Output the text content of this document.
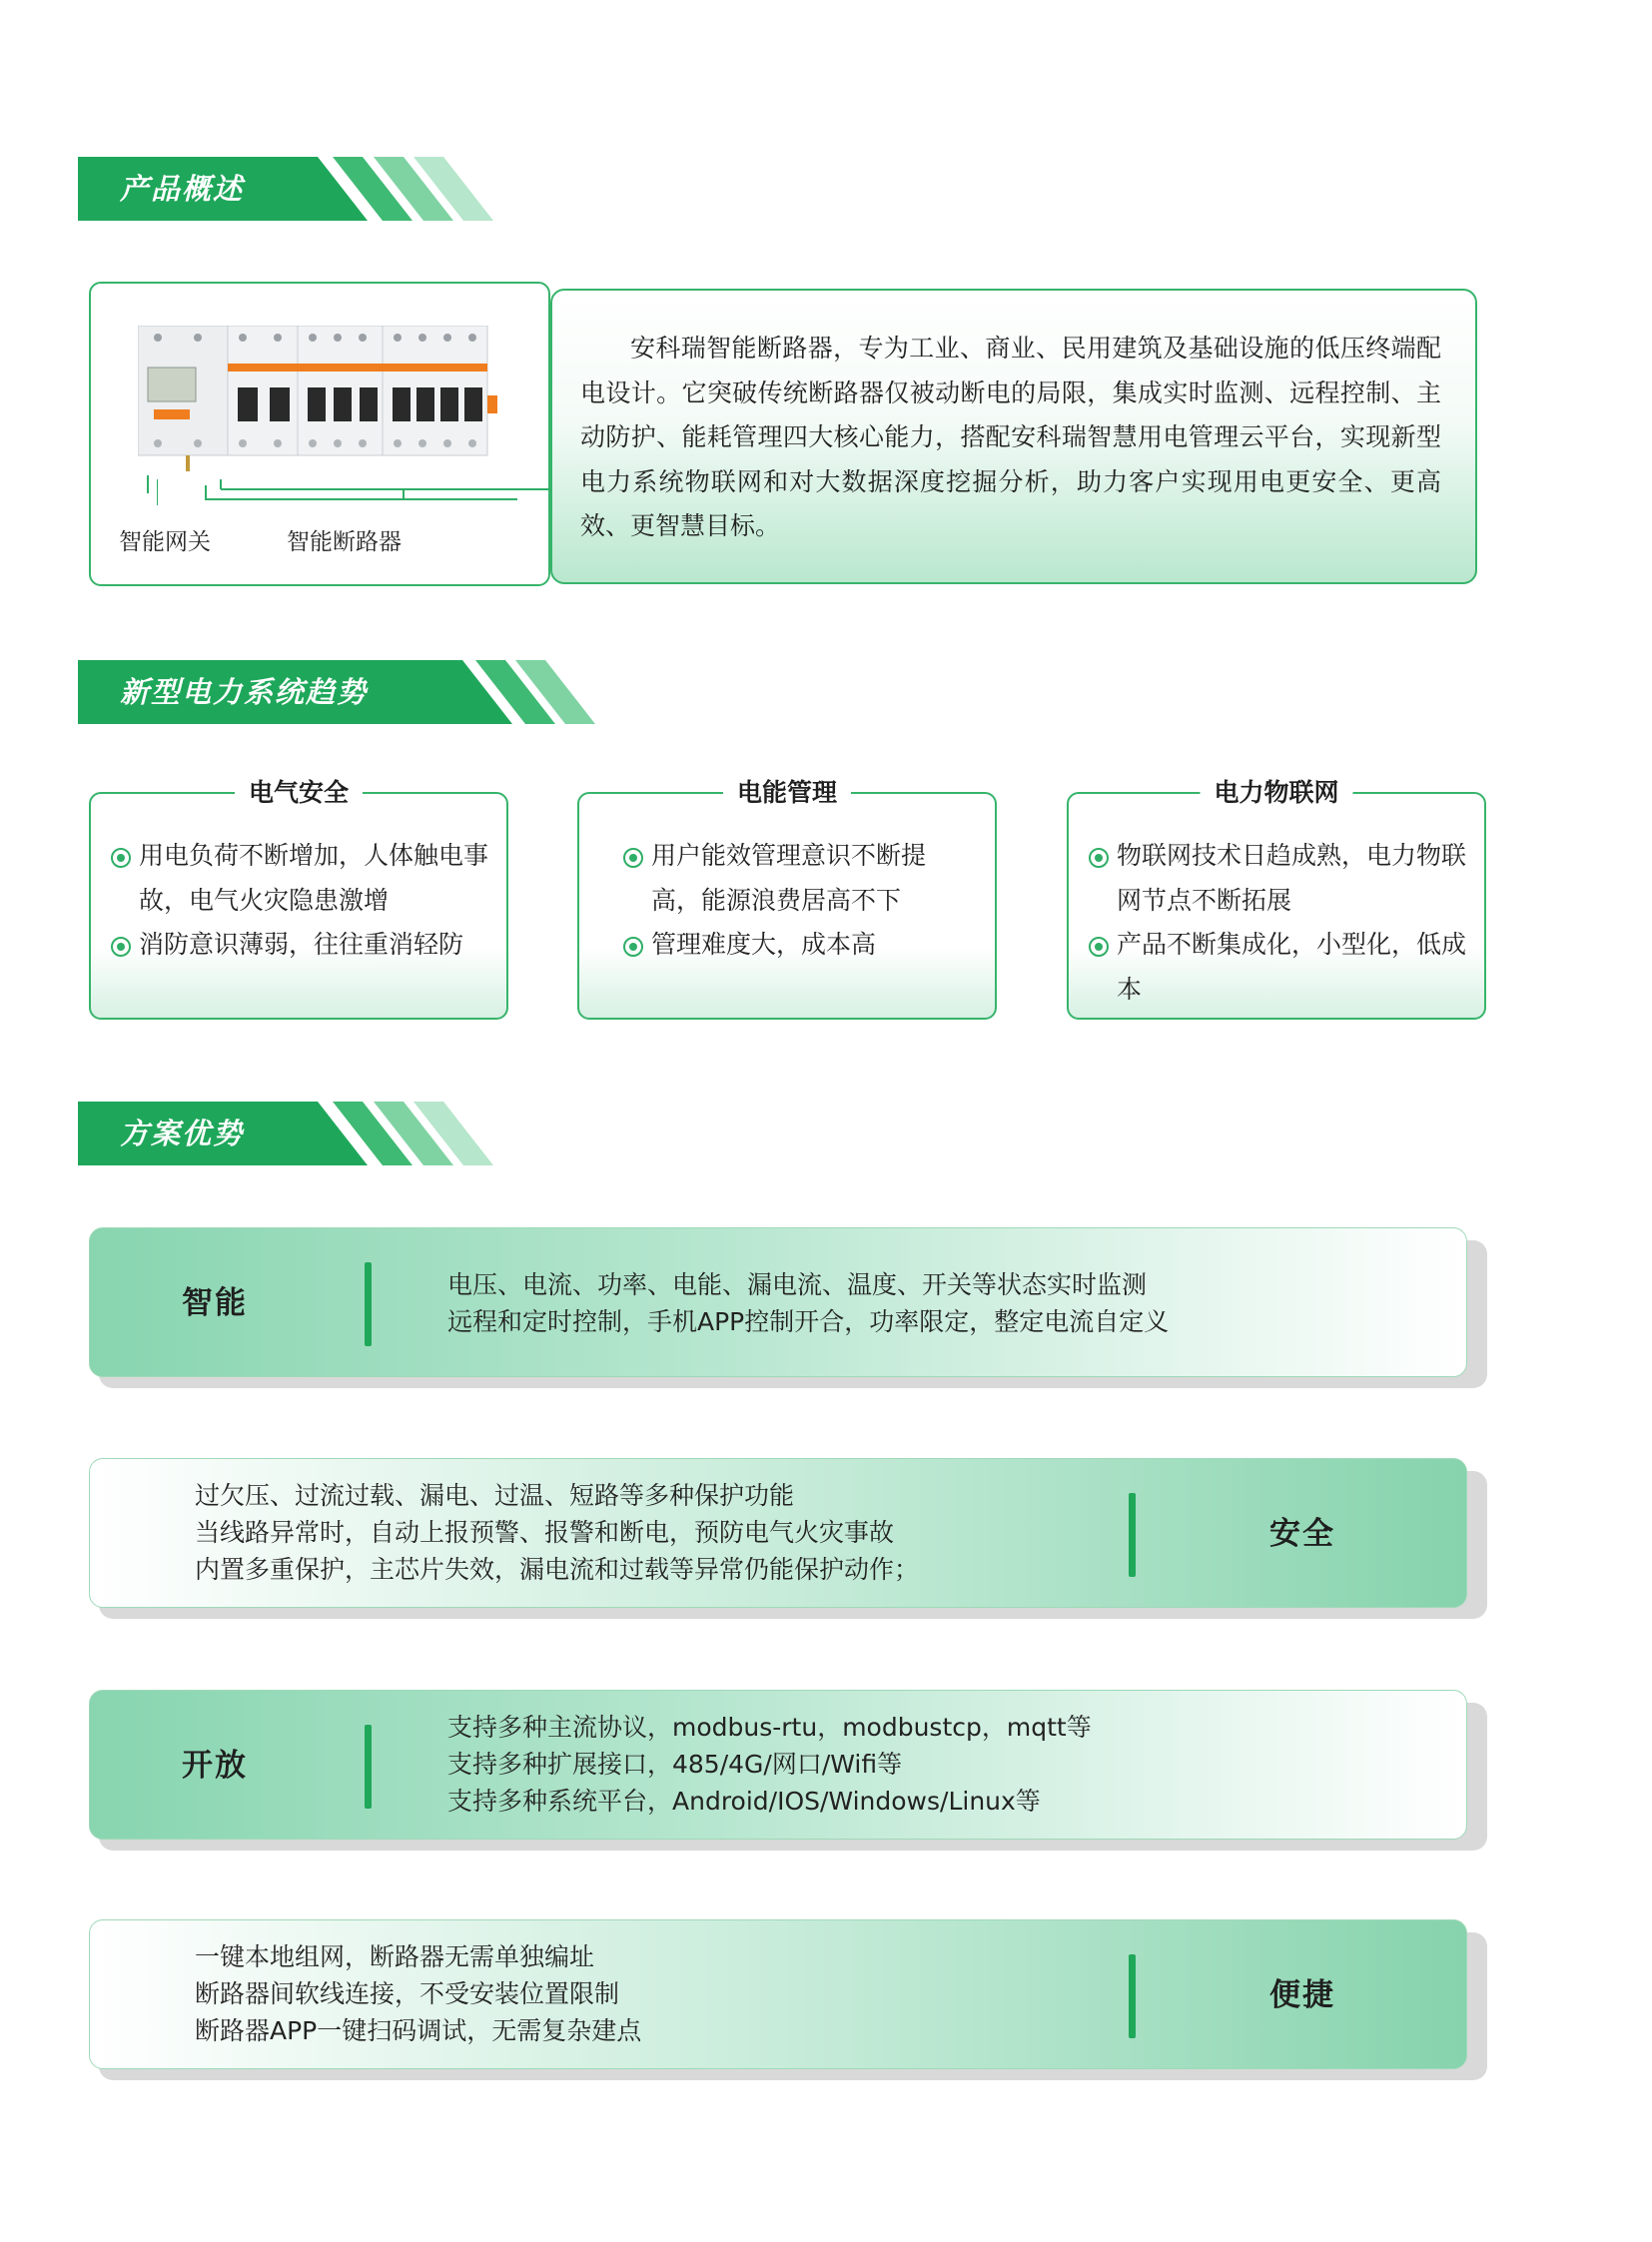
产品概述
智能网关	智能断路器

安科瑞智能断路器，专为工业、商业、民用建筑及基础设施的低压终端配电设计。它突破传统断路器仅被动断电的局限，集成实时监测、远程控制、主动防护、能耗管理四大核心能力，搭配安科瑞智慧用电管理云平台，实现新型电力系统物联网和对大数据深度挖掘分析，助力客户实现用电更安全、更高效、更智慧目标。

新型电力系统趋势
电气安全
用电负荷不断增加，人体触电事故，电气火灾隐患激增
消防意识薄弱，往往重消轻防
电能管理
用户能效管理意识不断提 高，能源浪费居高不下
管理难度大，成本高
电力物联网
物联网技术日趋成熟，电力物联网节点不断拓展
产品不断集成化，小型化，低成本
方案优势
智能
电压、电流、功率、电能、漏电流、温度、开关等状态实时监测
远程和定时控制，手机APP控制开合，功率限定，整定电流自定义
过欠压、过流过载、漏电、过温、短路等多种保护功能
当线路异常时，自动上报预警、报警和断电，预防电气火灾事故
内置多重保护，主芯片失效，漏电流和过载等异常仍能保护动作；
安全
开放
支持多种主流协议，modbus-rtu，modbustcp，mqtt等
支持多种扩展接口，485/4G/网口/Wifi等
支持多种系统平台，Android/IOS/Windows/Linux等
一键本地组网，断路器无需单独编址
断路器间软线连接，不受安装位置限制
断路器APP一键扫码调试，无需复杂建点
便捷
